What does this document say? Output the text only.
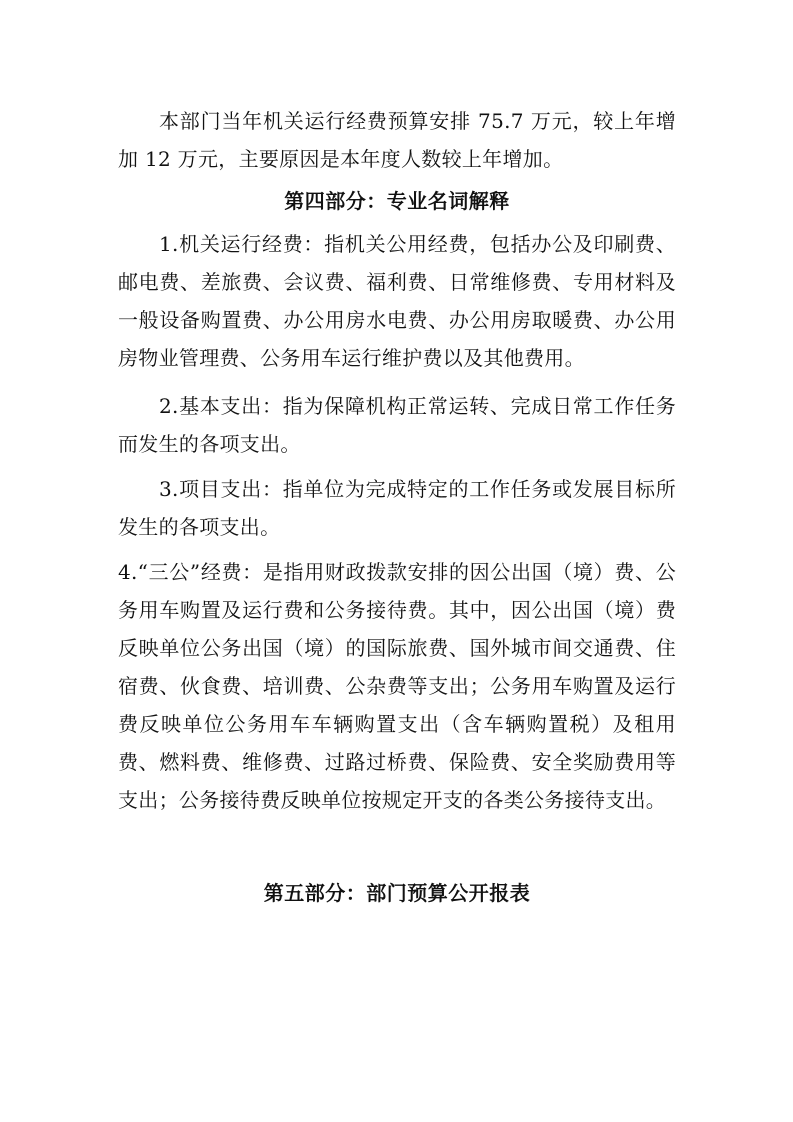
本部门当年机关运行经费预算安排 75.7 万元，较上年增加 12 万元，主要原因是本年度人数较上年增加。

第四部分：专业名词解释

1.机关运行经费：指机关公用经费，包括办公及印刷费、邮电费、差旅费、会议费、福利费、日常维修费、专用材料及一般设备购置费、办公用房水电费、办公用房取暖费、办公用房物业管理费、公务用车运行维护费以及其他费用。

2.基本支出：指为保障机构正常运转、完成日常工作任务而发生的各项支出。

3.项目支出：指单位为完成特定的工作任务或发展目标所发生的各项支出。

4.“三公”经费：是指用财政拨款安排的因公出国（境）费、公务用车购置及运行费和公务接待费。其中，因公出国（境）费反映单位公务出国（境）的国际旅费、国外城市间交通费、住宿费、伙食费、培训费、公杂费等支出；公务用车购置及运行费反映单位公务用车车辆购置支出（含车辆购置税）及租用费、燃料费、维修费、过路过桥费、保险费、安全奖励费用等支出；公务接待费反映单位按规定开支的各类公务接待支出。

第五部分：部门预算公开报表
